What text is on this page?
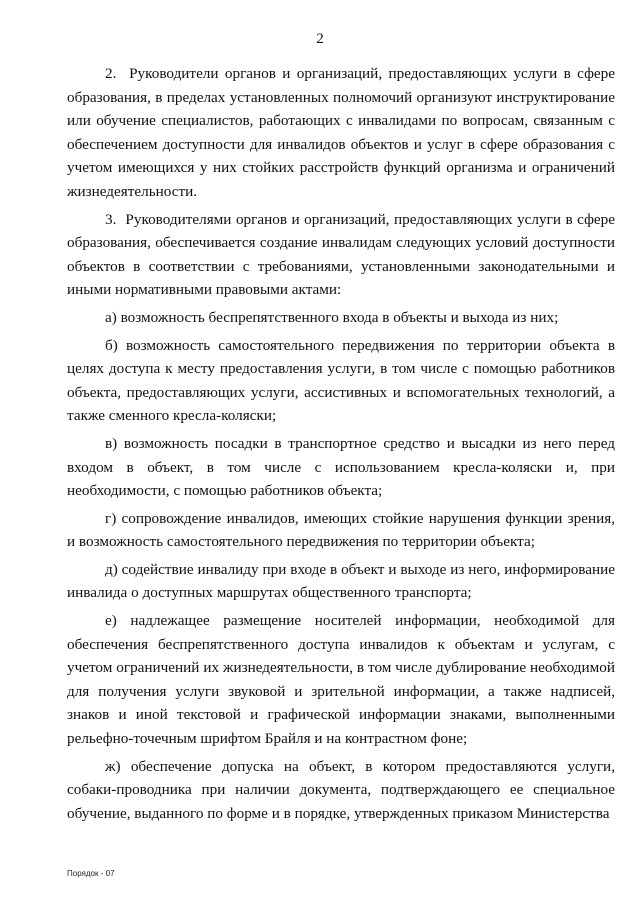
2

2.  Руководители органов и организаций, предоставляющих услуги в сфере образования, в пределах установленных полномочий организуют инструктирование или обучение специалистов, работающих с инвалидами по вопросам, связанным с обеспечением доступности для инвалидов объектов и услуг в сфере образования с учетом имеющихся у них стойких расстройств функций организма и ограничений жизнедеятельности.

3.  Руководителями органов и организаций, предоставляющих услуги в сфере образования, обеспечивается создание инвалидам следующих условий доступности объектов в соответствии с требованиями, установленными законодательными и иными нормативными правовыми актами:

а) возможность беспрепятственного входа в объекты и выхода из них;

б) возможность самостоятельного передвижения по территории объекта в целях доступа к месту предоставления услуги, в том числе с помощью работников объекта, предоставляющих услуги, ассистивных и вспомогательных технологий, а также сменного кресла-коляски;

в) возможность посадки в транспортное средство и высадки из него перед входом в объект, в том числе с использованием кресла-коляски и, при необходимости, с помощью работников объекта;

г) сопровождение инвалидов, имеющих стойкие нарушения функции зрения, и возможность самостоятельного передвижения по территории объекта;

д) содействие инвалиду при входе в объект и выходе из него, информирование инвалида о доступных маршрутах общественного транспорта;

е) надлежащее размещение носителей информации, необходимой для обеспечения беспрепятственного доступа инвалидов к объектам и услугам, с учетом ограничений их жизнедеятельности, в том числе дублирование необходимой для получения услуги звуковой и зрительной информации, а также надписей, знаков и иной текстовой и графической информации знаками, выполненными рельефно-точечным шрифтом Брайля и на контрастном фоне;

ж) обеспечение допуска на объект, в котором предоставляются услуги, собаки-проводника при наличии документа, подтверждающего ее специальное обучение, выданного по форме и в порядке, утвержденных приказом Министерства

Порядок - 07
